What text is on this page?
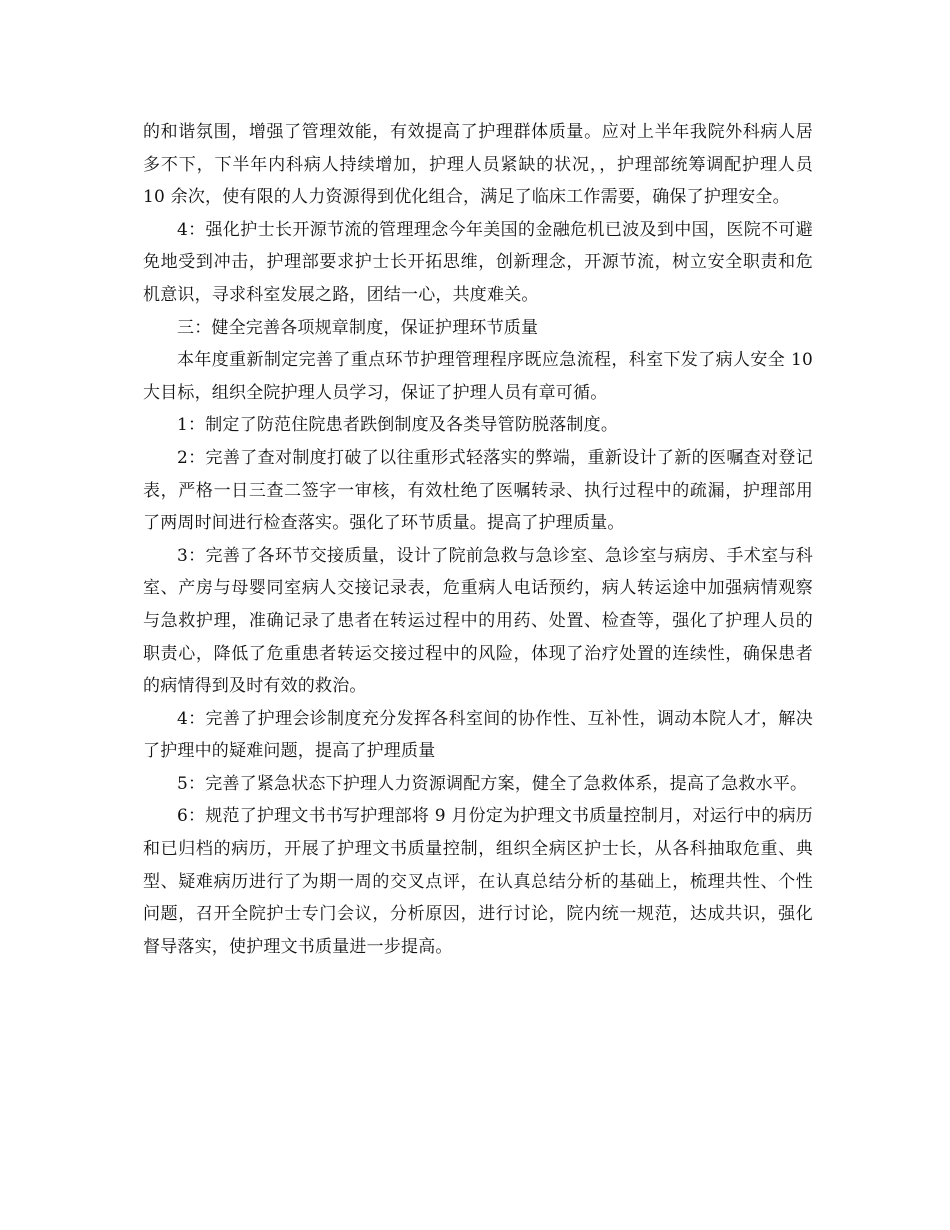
的和谐氛围，增强了管理效能，有效提高了护理群体质量。应对上半年我院外科病人居多不下，下半年内科病人持续增加，护理人员紧缺的状况，，护理部统筹调配护理人员 10 余次，使有限的人力资源得到优化组合，满足了临床工作需要，确保了护理安全。

4：强化护士长开源节流的管理理念今年美国的金融危机已波及到中国，医院不可避免地受到冲击，护理部要求护士长开拓思维，创新理念，开源节流，树立安全职责和危机意识，寻求科室发展之路，团结一心，共度难关。

三：健全完善各项规章制度，保证护理环节质量

本年度重新制定完善了重点环节护理管理程序既应急流程，科室下发了病人安全 10 大目标，组织全院护理人员学习，保证了护理人员有章可循。

1：制定了防范住院患者跌倒制度及各类导管防脱落制度。

2：完善了查对制度打破了以往重形式轻落实的弊端，重新设计了新的医嘱查对登记表，严格一日三查二签字一审核，有效杜绝了医嘱转录、执行过程中的疏漏，护理部用了两周时间进行检查落实。强化了环节质量。提高了护理质量。

3：完善了各环节交接质量，设计了院前急救与急诊室、急诊室与病房、手术室与科室、产房与母婴同室病人交接记录表，危重病人电话预约，病人转运途中加强病情观察与急救护理，准确记录了患者在转运过程中的用药、处置、检查等，强化了护理人员的职责心，降低了危重患者转运交接过程中的风险，体现了治疗处置的连续性，确保患者的病情得到及时有效的救治。

4：完善了护理会诊制度充分发挥各科室间的协作性、互补性，调动本院人才，解决了护理中的疑难问题，提高了护理质量

5：完善了紧急状态下护理人力资源调配方案，健全了急救体系，提高了急救水平。

6：规范了护理文书书写护理部将 9 月份定为护理文书质量控制月，对运行中的病历和已归档的病历，开展了护理文书质量控制，组织全病区护士长，从各科抽取危重、典型、疑难病历进行了为期一周的交叉点评，在认真总结分析的基础上，梳理共性、个性问题，召开全院护士专门会议，分析原因，进行讨论，院内统一规范，达成共识，强化督导落实，使护理文书质量进一步提高。
